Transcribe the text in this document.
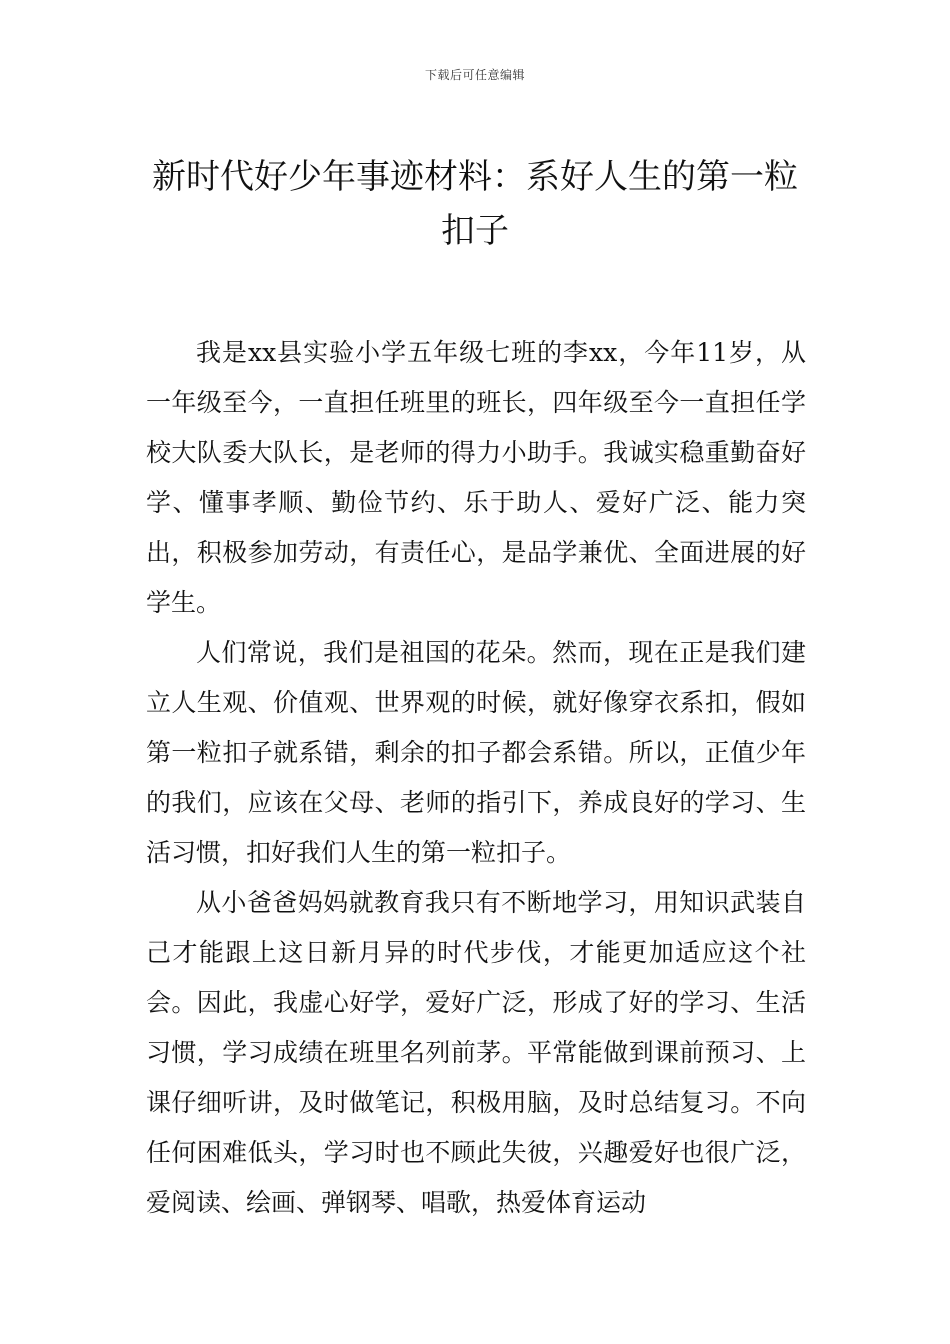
下载后可任意编辑
新时代好少年事迹材料：系好人生的第一粒扣子

我是xx县实验小学五年级七班的李xx，今年11岁，从一年级至今，一直担任班里的班长，四年级至今一直担任学校大队委大队长，是老师的得力小助手。我诚实稳重勤奋好学、懂事孝顺、勤俭节约、乐于助人、爱好广泛、能力突出，积极参加劳动，有责任心，是品学兼优、全面进展的好学生。

人们常说，我们是祖国的花朵。然而，现在正是我们建立人生观、价值观、世界观的时候，就好像穿衣系扣，假如第一粒扣子就系错，剩余的扣子都会系错。所以，正值少年的我们，应该在父母、老师的指引下，养成良好的学习、生活习惯，扣好我们人生的第一粒扣子。

从小爸爸妈妈就教育我只有不断地学习，用知识武装自己才能跟上这日新月异的时代步伐，才能更加适应这个社会。因此，我虚心好学，爱好广泛，形成了好的学习、生活习惯，学习成绩在班里名列前茅。平常能做到课前预习、上课仔细听讲，及时做笔记，积极用脑，及时总结复习。不向任何困难低头，学习时也不顾此失彼，兴趣爱好也很广泛，爱阅读、绘画、弹钢琴、唱歌，热爱体育运动
